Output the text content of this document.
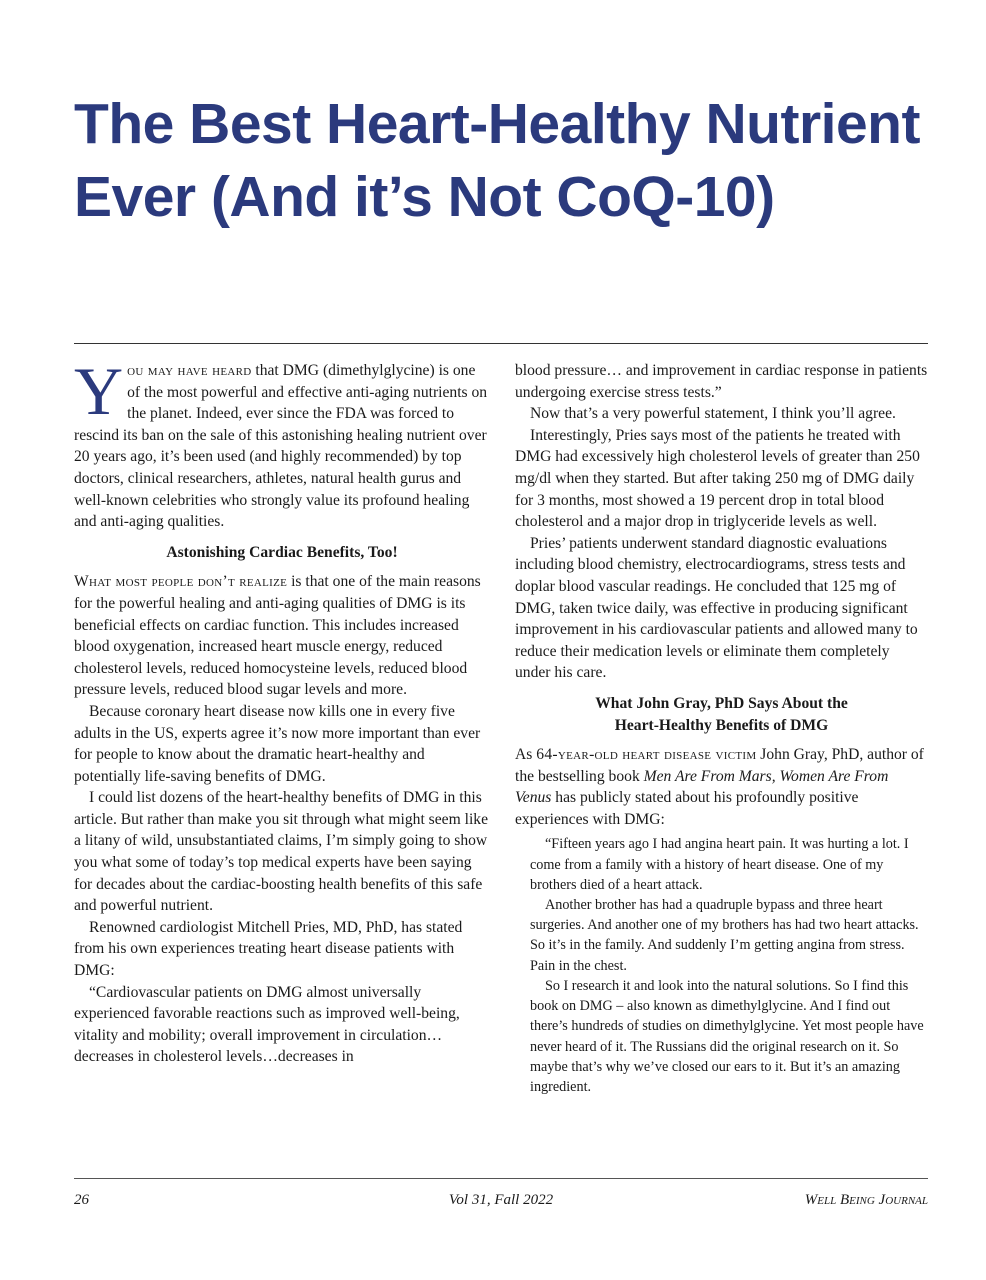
The Best Heart-Healthy Nutrient Ever (And it’s Not CoQ-10)

You may have heard that DMG (dimethylglycine) is one of the most powerful and effective anti-aging nutrients on the planet. Indeed, ever since the FDA was forced to rescind its ban on the sale of this astonishing healing nutrient over 20 years ago, it’s been used (and highly recommended) by top doctors, clinical researchers, athletes, natural health gurus and well-known celebrities who strongly value its profound healing and anti-aging qualities.

Astonishing Cardiac Benefits, Too!

What most people don’t realize is that one of the main reasons for the powerful healing and anti-aging qualities of DMG is its beneficial effects on cardiac function. This includes increased blood oxygenation, increased heart muscle energy, reduced cholesterol levels, reduced homocysteine levels, reduced blood pressure levels, reduced blood sugar levels and more.

Because coronary heart disease now kills one in every five adults in the US, experts agree it’s now more important than ever for people to know about the dramatic heart-healthy and potentially life-saving benefits of DMG.

I could list dozens of the heart-healthy benefits of DMG in this article. But rather than make you sit through what might seem like a litany of wild, unsubstantiated claims, I’m simply going to show you what some of today’s top medical experts have been saying for decades about the cardiac-boosting health benefits of this safe and powerful nutrient.

Renowned cardiologist Mitchell Pries, MD, PhD, has stated from his own experiences treating heart disease patients with DMG:

“Cardiovascular patients on DMG almost universally experienced favorable reactions such as improved well-being, vitality and mobility; overall improvement in circulation…decreases in cholesterol levels…decreases in

blood pressure… and improvement in cardiac response in patients undergoing exercise stress tests.”

Now that’s a very powerful statement, I think you’ll agree.

Interestingly, Pries says most of the patients he treated with DMG had excessively high cholesterol levels of greater than 250 mg/dl when they started. But after taking 250 mg of DMG daily for 3 months, most showed a 19 percent drop in total blood cholesterol and a major drop in triglyceride levels as well.

Pries’ patients underwent standard diagnostic evaluations including blood chemistry, electrocardiograms, stress tests and doplar blood vascular readings. He concluded that 125 mg of DMG, taken twice daily, was effective in producing significant improvement in his cardiovascular patients and allowed many to reduce their medication levels or eliminate them completely under his care.

What John Gray, PhD Says About the
Heart-Healthy Benefits of DMG

As 64-year-old heart disease victim John Gray, PhD, author of the bestselling book Men Are From Mars, Women Are From Venus has publicly stated about his profoundly positive experiences with DMG:

“Fifteen years ago I had angina heart pain. It was hurting a lot. I come from a family with a history of heart disease. One of my brothers died of a heart attack.

Another brother has had a quadruple bypass and three heart surgeries. And another one of my brothers has had two heart attacks. So it’s in the family. And suddenly I’m getting angina from stress. Pain in the chest.

So I research it and look into the natural solutions. So I find this book on DMG – also known as dimethylglycine. And I find out there’s hundreds of studies on dimethylglycine. Yet most people have never heard of it. The Russians did the original research on it. So maybe that’s why we’ve closed our ears to it. But it’s an amazing ingredient.

26	Vol 31, Fall 2022	Well Being Journal
